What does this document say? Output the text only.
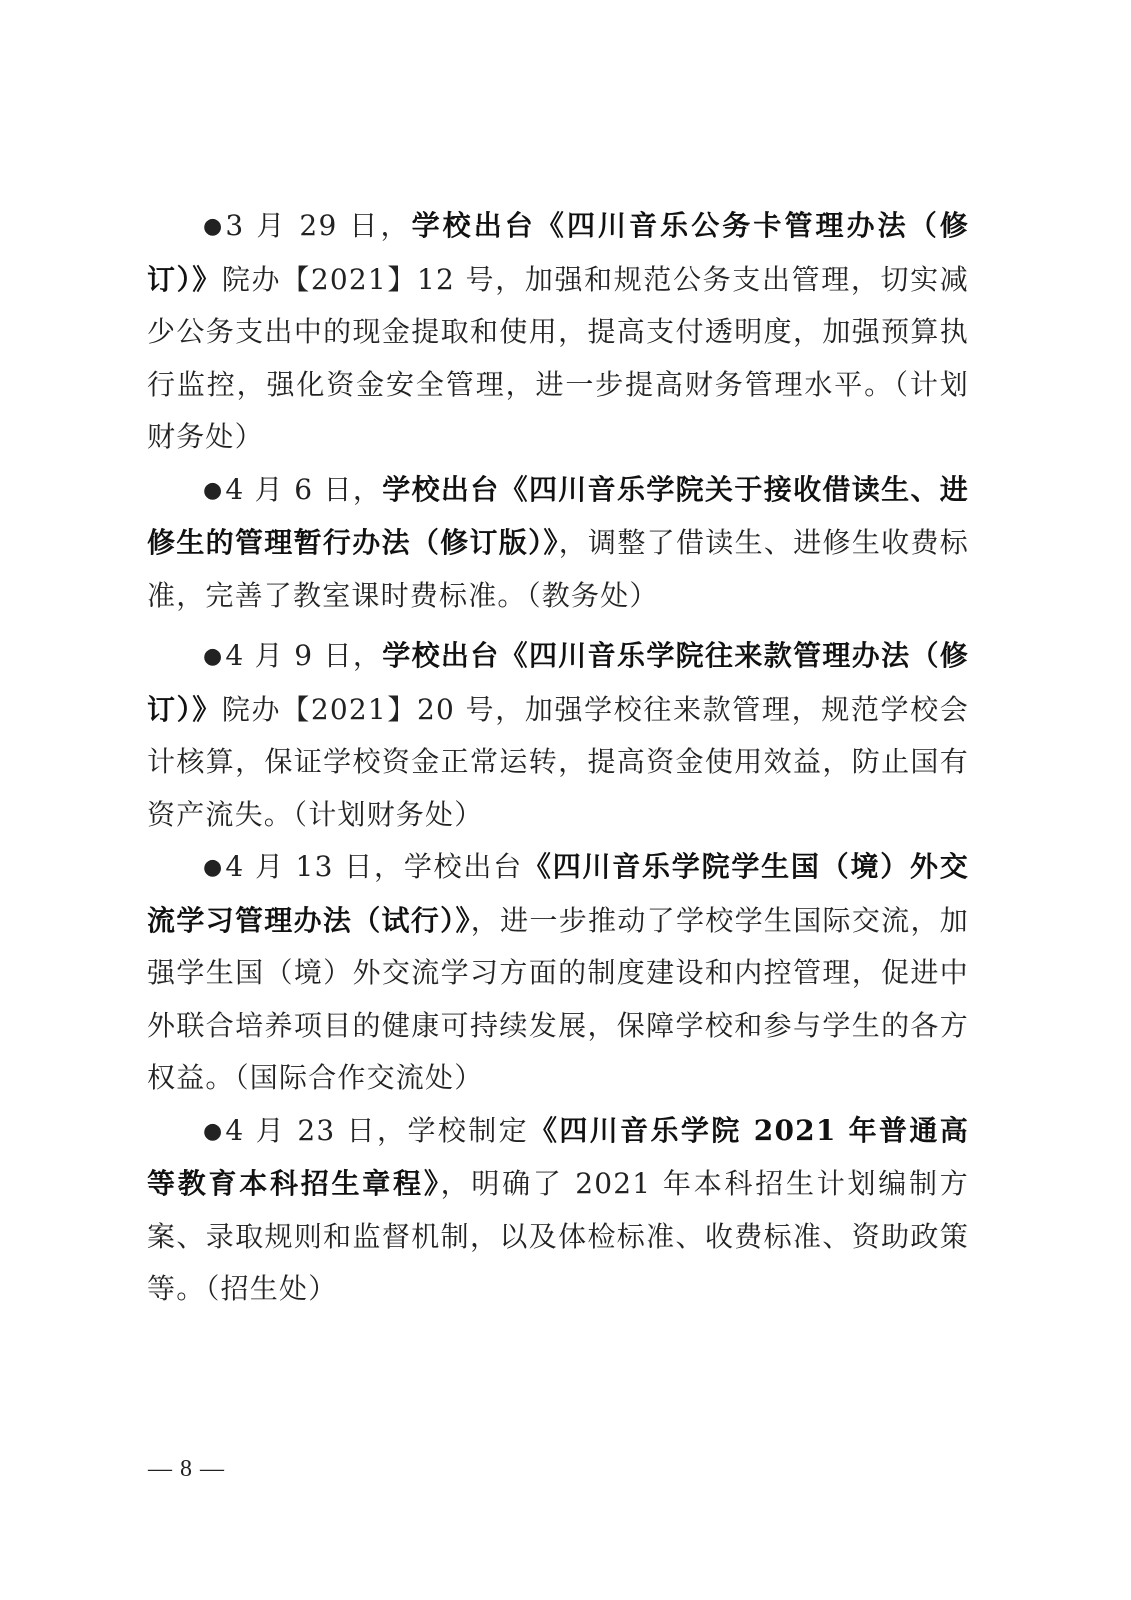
●3 月 29 日，学校出台《四川音乐公务卡管理办法（修订）》院办【2021】12 号，加强和规范公务支出管理，切实减少公务支出中的现金提取和使用，提高支付透明度，加强预算执行监控，强化资金安全管理，进一步提高财务管理水平。（计划财务处）

●4 月 6 日，学校出台《四川音乐学院关于接收借读生、进修生的管理暂行办法（修订版）》，调整了借读生、进修生收费标准，完善了教室课时费标准。（教务处）

●4 月 9 日，学校出台《四川音乐学院往来款管理办法（修订）》院办【2021】20 号，加强学校往来款管理，规范学校会计核算，保证学校资金正常运转，提高资金使用效益，防止国有资产流失。（计划财务处）

●4 月 13 日，学校出台《四川音乐学院学生国（境）外交流学习管理办法（试行）》，进一步推动了学校学生国际交流，加强学生国（境）外交流学习方面的制度建设和内控管理，促进中外联合培养项目的健康可持续发展，保障学校和参与学生的各方权益。（国际合作交流处）

●4 月 23 日，学校制定《四川音乐学院 2021 年普通高等教育本科招生章程》，明确了 2021 年本科招生计划编制方案、录取规则和监督机制，以及体检标准、收费标准、资助政策等。（招生处）

— 8 —
